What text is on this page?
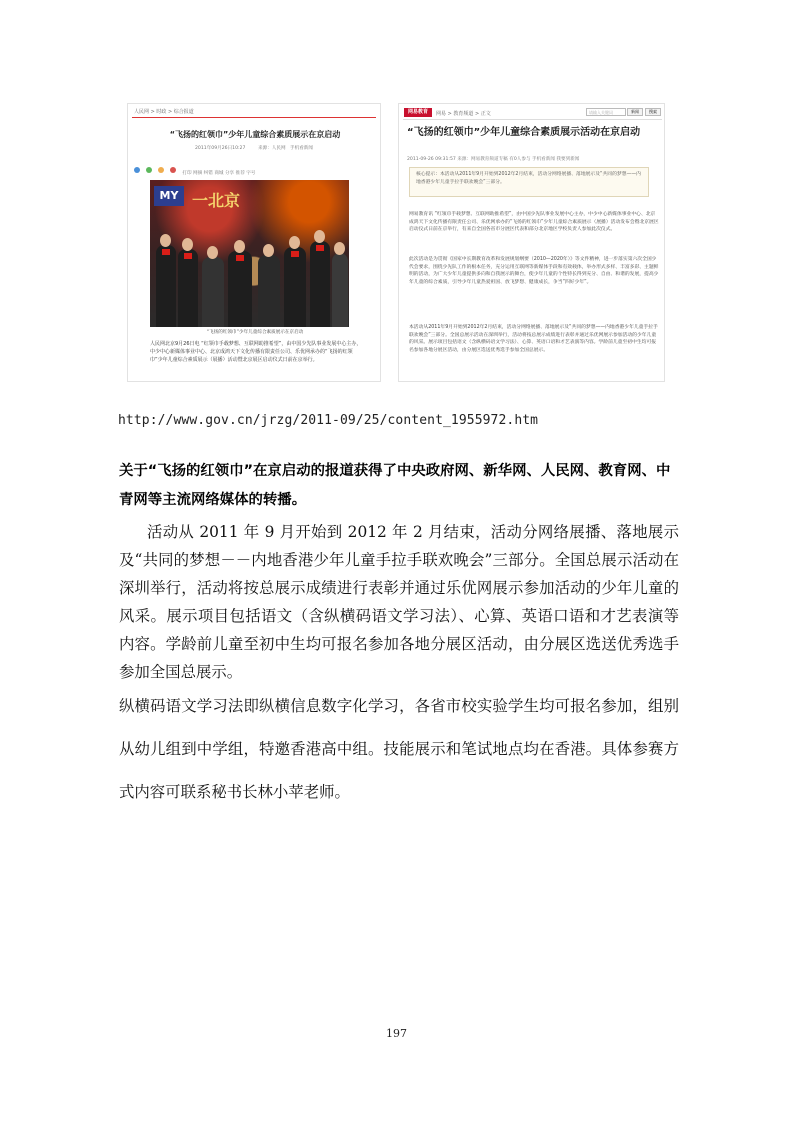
人民网 > 时政 > 综合报道
“飞扬的红领巾”少年儿童综合素质展示在京启动
2011年09月26日10:27	来源：人民网 手机看新闻
打印 网摘 纠错 商城 分享 推荐 字号
MY 一北京
“飞扬的红领巾”少年儿童综合素质展示在京启动
人民网北京9月26日电 “红领巾手载梦想、互联网助推希望”，由中国少先队事业发展中心主办，中少中心新媒体事业中心、北京成鸿天下文化传播有限责任公司、乐优网承办的“飞扬的红领巾”少年儿童综合素质展示（展播）活动暨北京展区启动仪式日前在京举行。
网易教育	网易 > 教育频道 > 正文	请输入关键词	新闻	搜索
“飞扬的红领巾”少年儿童综合素质展示活动在京启动
2011-09-26 09:31:57 来源：网易教育频道专稿 有0人参与 手机看新闻 我要到新闻
核心提示：本活动从2011年9月开始到2012年2月结束，活动分网络展播、落地展示及“共同的梦想——内地香港少年儿童手拉手联欢晚会”三部分。
网易教育讯 “红领巾手载梦想、互联网助推希望”，由中国少先队事业发展中心主办，中少中心新媒体事业中心、北京成鸿天下文化传播有限责任公司、乐优网承办的“飞扬的红领巾”少年儿童综合素质展示（展播）活动发布会暨北京展区启动仪式日前在京举行，有来自全国各省市分展区代表和部分北京地区学校负责人参加此次仪式。
此次活动是为贯彻《国家中长期教育改革和发展规划纲要（2010—2020年）》等文件精神，进一步落实第六次全国少代会要求，围绕少先队工作的根本任务，充分运用互联网等新媒体手段和有效载体，举办形式多样、丰富多彩、主题鲜明的活动，为广大少年儿童提供多向和自我展示的舞台，使少年儿童的个性特长得到充分、自由、和谐的发展，提高少年儿童的综合素质，引导少年儿童热爱祖国、放飞梦想、健康成长，争当“四好少年”。
本活动从2011年9月开始到2012年2月结束，活动分网络展播、落地展示及“共同的梦想——内地香港少年儿童手拉手联欢晚会”三部分。全国总展示活动在深圳举行，活动将按总展示成绩进行表彰并通过乐优网展示参加活动的少年儿童的风采。展示项目包括语文（含纵横码语文学习法）、心算、英语口语和才艺表演等内容。学龄前儿童至初中生均可报名参加各地分展区活动，由分展区选送优秀选手参加全国总展示。
http://www.gov.cn/jrzg/2011-09/25/content_1955972.htm
关于“飞扬的红领巾”在京启动的报道获得了中央政府网、新华网、人民网、教育网、中青网等主流网络媒体的转播。
活动从 2011 年 9 月开始到 2012 年 2 月结束，活动分网络展播、落地展示及“共同的梦想－－内地香港少年儿童手拉手联欢晚会”三部分。全国总展示活动在深圳举行，活动将按总展示成绩进行表彰并通过乐优网展示参加活动的少年儿童的风采。展示项目包括语文（含纵横码语文学习法）、心算、英语口语和才艺表演等内容。学龄前儿童至初中生均可报名参加各地分展区活动，由分展区选送优秀选手参加全国总展示。
纵横码语文学习法即纵横信息数字化学习，各省市校实验学生均可报名参加，组别从幼儿组到中学组，特邀香港高中组。技能展示和笔试地点均在香港。具体参赛方式内容可联系秘书长林小苹老师。
197
